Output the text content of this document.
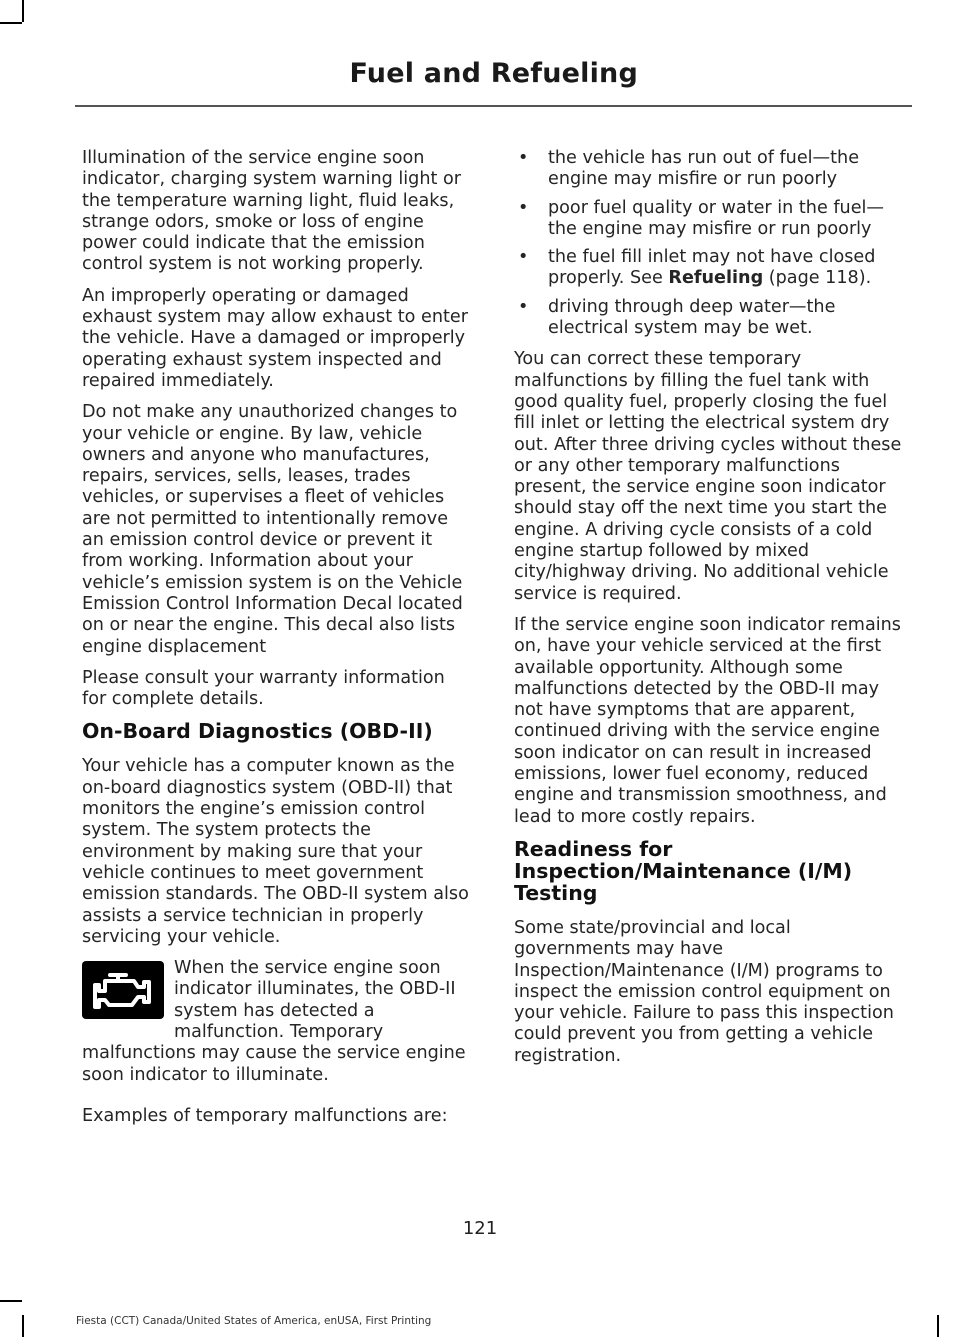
Fuel and Refueling

Illumination of the service engine soon indicator, charging system warning light or the temperature warning light, fluid leaks, strange odors, smoke or loss of engine power could indicate that the emission control system is not working properly.

An improperly operating or damaged exhaust system may allow exhaust to enter the vehicle. Have a damaged or improperly operating exhaust system inspected and repaired immediately.

Do not make any unauthorized changes to your vehicle or engine. By law, vehicle owners and anyone who manufactures, repairs, services, sells, leases, trades vehicles, or supervises a fleet of vehicles are not permitted to intentionally remove an emission control device or prevent it from working. Information about your vehicle’s emission system is on the Vehicle Emission Control Information Decal located on or near the engine. This decal also lists engine displacement

Please consult your warranty information for complete details.

On-Board Diagnostics (OBD-II)

Your vehicle has a computer known as the on-board diagnostics system (OBD-II) that monitors the engine’s emission control system. The system protects the environment by making sure that your vehicle continues to meet government emission standards. The OBD-II system also assists a service technician in properly servicing your vehicle.

When the service engine soon indicator illuminates, the OBD-II system has detected a malfunction. Temporary malfunctions may cause the service engine soon indicator to illuminate.

Examples of temporary malfunctions are:

• the vehicle has run out of fuel—the engine may misfire or run poorly
• poor fuel quality or water in the fuel—the engine may misfire or run poorly
• the fuel fill inlet may not have closed properly. See Refueling (page 118).
• driving through deep water—the electrical system may be wet.

You can correct these temporary malfunctions by filling the fuel tank with good quality fuel, properly closing the fuel fill inlet or letting the electrical system dry out. After three driving cycles without these or any other temporary malfunctions present, the service engine soon indicator should stay off the next time you start the engine. A driving cycle consists of a cold engine startup followed by mixed city/highway driving. No additional vehicle service is required.

If the service engine soon indicator remains on, have your vehicle serviced at the first available opportunity. Although some malfunctions detected by the OBD-II may not have symptoms that are apparent, continued driving with the service engine soon indicator on can result in increased emissions, lower fuel economy, reduced engine and transmission smoothness, and lead to more costly repairs.

Readiness for Inspection/Maintenance (I/M) Testing

Some state/provincial and local governments may have Inspection/Maintenance (I/M) programs to inspect the emission control equipment on your vehicle. Failure to pass this inspection could prevent you from getting a vehicle registration.

121
Fiesta (CCT) Canada/United States of America, enUSA, First Printing
